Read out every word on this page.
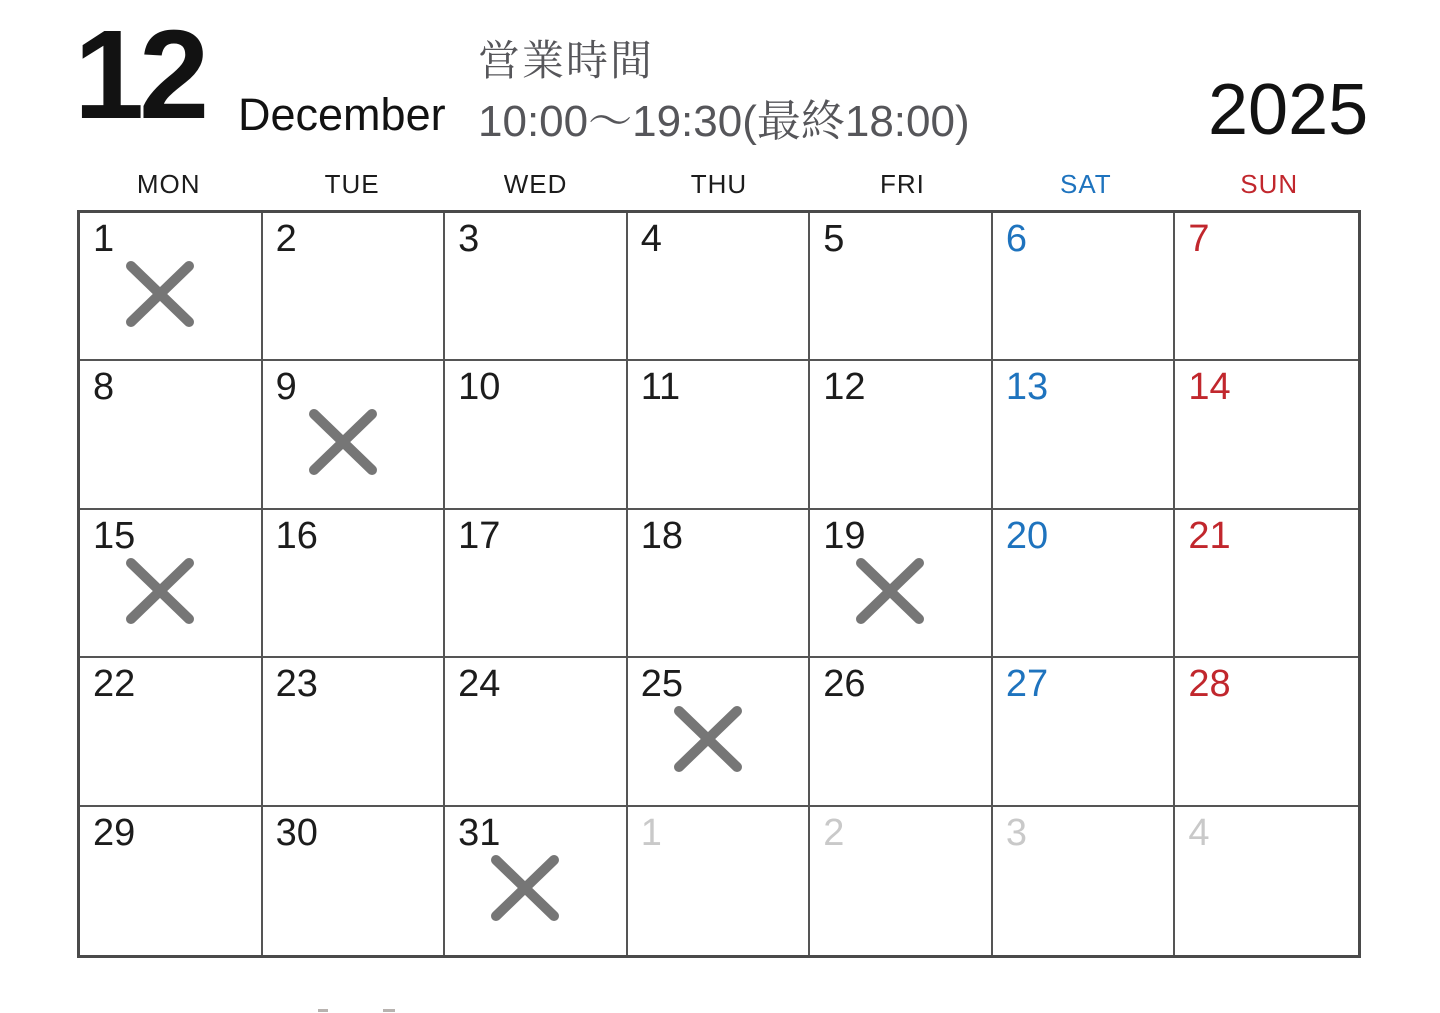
12 December
営業時間
10:00〜19:30(最終18:00)	2025
MON	TUE	WED	THU	FRI	SAT	SUN
1	2	3	4	5	6	7
8	9	10	11	12	13	14
15	16	17	18	19	20	21
22	23	24	25	26	27	28
29	30	31	1	2	3	4
